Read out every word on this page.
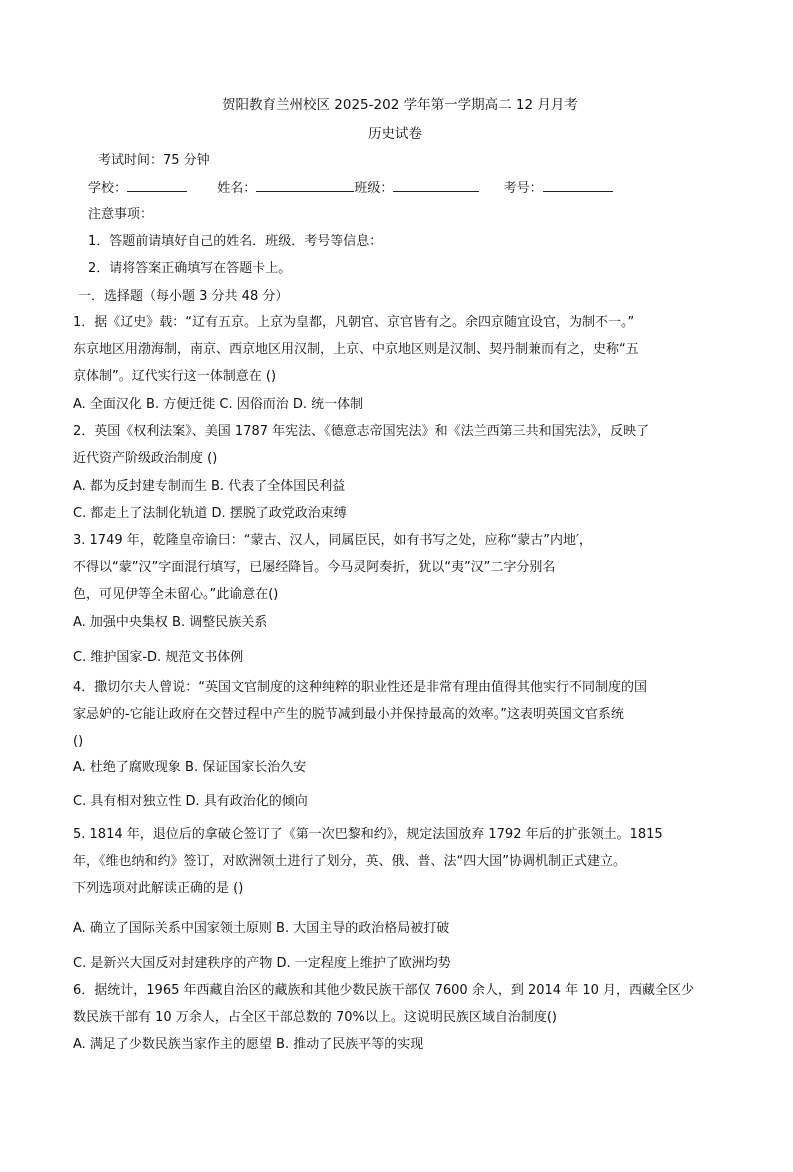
贺阳教育兰州校区 2025-202 学年第一学期高二 12 月月考
历史试卷
考试时间：75 分钟
学校：	姓名：	班级：	考号：
注意事项：
1．答题前请填好自己的姓名．班级．考号等信息：
2．请将答案正确填写在答题卡上。
一．选择题（每小题 3 分共 48 分）
1．据《辽史》载：“辽有五京。上京为皇都，凡朝官、京官皆有之。余四京随宜设官，为制不一。”
东京地区用渤海制，南京、西京地区用汉制，上京、中京地区则是汉制、契丹制兼而有之，史称“五
京体制”。辽代实行这一体制意在 ()
A. 全面汉化 B. 方便迁徙 C. 因俗而治 D. 统一体制
2．英国《权利法案》、美国 1787 年宪法、《德意志帝国宪法》和《法兰西第三共和国宪法》，反映了
近代资产阶级政治制度 ()
A. 都为反封建专制而生 B. 代表了全体国民利益
C. 都走上了法制化轨道 D. 摆脱了政党政治束缚
3. 1749 年，乾隆皇帝谕曰：“蒙古、汉人，同属臣民，如有书写之处，应称“蒙古”内地′，
不得以“蒙”汉”字面混行填写，已屡经降旨。今马灵阿奏折，犹以“夷”汉”二字分别名
色，可见伊等全未留心。”此谕意在()
A. 加强中央集权 B. 调整民族关系
C. 维护国家-D. 规范文书体例
4．撒切尔夫人曾说：“英国文官制度的这种纯粹的职业性还是非常有理由值得其他实行不同制度的国
家忌妒的-它能让政府在交替过程中产生的脱节减到最小并保持最高的效率。”这表明英国文官系统
()
A. 杜绝了腐败现象 B. 保证国家长治久安
C. 具有相对独立性 D. 具有政治化的倾向
5. 1814 年，退位后的拿破仑签订了《第一次巴黎和约》，规定法国放弃 1792 年后的扩张领土。1815
年，《维也纳和约》签订，对欧洲领土进行了划分，英、俄、普、法“四大国”协调机制正式建立。
下列选项对此解读正确的是 ()
A. 确立了国际关系中国家领土原则 B. 大国主导的政治格局被打破
C. 是新兴大国反对封建秩序的产物 D. 一定程度上维护了欧洲均势
6．据统计，1965 年西藏自治区的藏族和其他少数民族干部仅 7600 余人，到 2014 年 10 月，西藏全区少
数民族干部有 10 万余人，占全区干部总数的 70%以上。这说明民族区域自治制度()
A. 满足了少数民族当家作主的愿望 B. 推动了民族平等的实现
